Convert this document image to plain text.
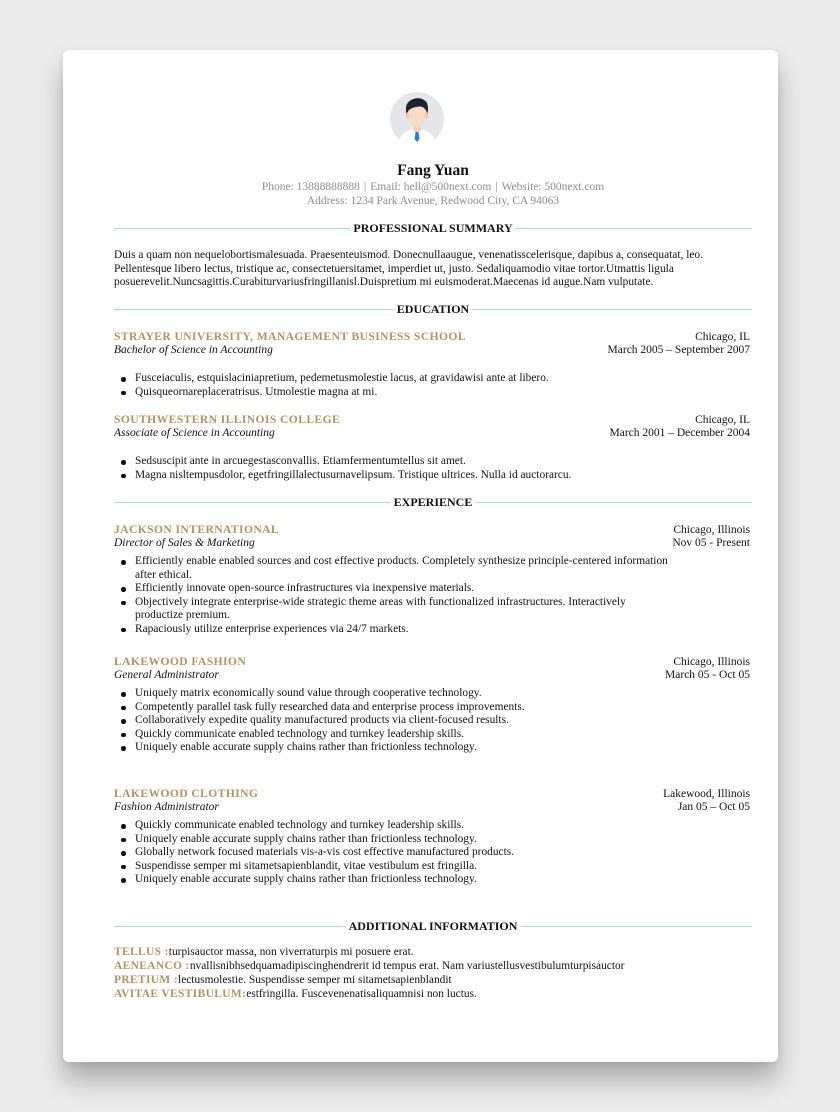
Fang Yuan
Phone: 13888888888 | Email: hell@500next.com | Website: 500next.com
Address: 1234 Park Avenue, Redwood City, CA 94063
PROFESSIONAL SUMMARY
Duis a quam non nequelobortismalesuada. Praesenteuismod. Donecnullaaugue, venenatisscelerisque, dapibus a, consequatat, leo.
Pellentesque libero lectus, tristique ac, consectetuersitamet, imperdiet ut, justo. Sedaliquamodio vitae tortor.Utmattis ligula
posuerevelit.Nuncsagittis.Curabiturvariusfringillanisl.Duispretium mi euismoderat.Maecenas id augue.Nam vulputate.
EDUCATION
STRAYER UNIVERSITY, MANAGEMENT BUSINESS SCHOOL	Chicago, IL
Bachelor of Science in Accounting	March 2005 – September 2007
Fusceiaculis, estquislaciniapretium, pedemetusmolestie lacus, at gravidawisi ante at libero.
Quisqueornareplaceratrisus. Utmolestie magna at mi.
SOUTHWESTERN ILLINOIS COLLEGE	Chicago, IL
Associate of Science in Accounting	March 2001 – December 2004
Sedsuscipit ante in arcuegestasconvallis. Etiamfermentumtellus sit amet.
Magna nisltempusdolor, egetfringillalectusurnavelipsum. Tristique ultrices. Nulla id auctorarcu.
EXPERIENCE
JACKSON INTERNATIONAL	Chicago, Illinois
Director of Sales & Marketing	Nov 05 - Present
Efficiently enable enabled sources and cost effective products. Completely synthesize principle-centered information after ethical.
Efficiently innovate open-source infrastructures via inexpensive materials.
Objectively integrate enterprise-wide strategic theme areas with functionalized infrastructures. Interactively productize premium.
Rapaciously utilize enterprise experiences via 24/7 markets.
LAKEWOOD FASHION	Chicago, Illinois
General Administrator	March 05 - Oct 05
Uniquely matrix economically sound value through cooperative technology.
Competently parallel task fully researched data and enterprise process improvements.
Collaboratively expedite quality manufactured products via client-focused results.
Quickly communicate enabled technology and turnkey leadership skills.
Uniquely enable accurate supply chains rather than frictionless technology.
LAKEWOOD CLOTHING	Lakewood, Illinois
Fashion Administrator	Jan 05 – Oct 05
Quickly communicate enabled technology and turnkey leadership skills.
Uniquely enable accurate supply chains rather than frictionless technology.
Globally network focused materials vis-a-vis cost effective manufactured products.
Suspendisse semper mi sitametsapienblandit, vitae vestibulum est fringilla.
Uniquely enable accurate supply chains rather than frictionless technology.
ADDITIONAL INFORMATION
TELLUS :turpisauctor massa, non viverraturpis mi posuere erat.
AENEANCO :nvallisnibhsedquamadipiscinghendrerit id tempus erat. Nam variustellusvestibulumturpisauctor
PRETIUM :lectusmolestie. Suspendisse semper mi sitametsapienblandit
AVITAE VESTIBULUM:estfringilla. Fuscevenenatisaliquamnisi non luctus.
